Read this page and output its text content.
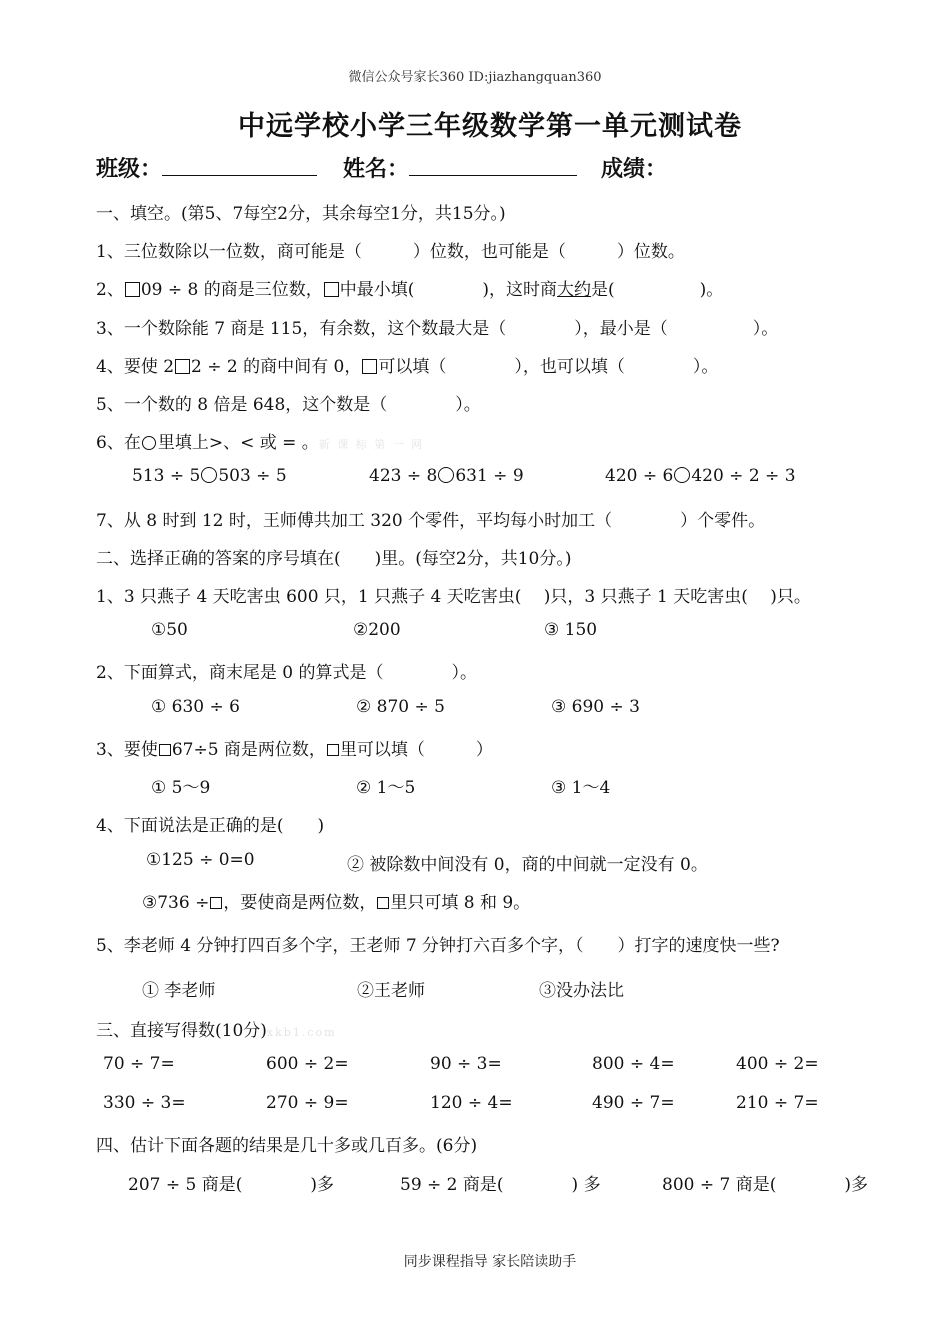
微信公众号家长360 ID:jiazhangquan360
中远学校小学三年级数学第一单元测试卷
班级：	姓名：	成绩：
一、填空。(第5、7每空2分，其余每空1分，共15分。)
1、三位数除以一位数，商可能是（　　　）位数，也可能是（　　　）位数。
2、 09 ÷ 8 的商是三位数， 中最小填(　　　　)，这时商大约是(　　　　　)。
3、一个数除能 7 商是 115，有余数，这个数最大是（　　　　），最小是（　　　　　）。
4、要使 2 2 ÷ 2 的商中间有 0， 可以填（　　　　），也可以填（　　　　）。
5、一个数的 8 倍是 648，这个数是（　　　　）。
6、在 里填上>、< 或 = 。新 课 标 第 一 网
513 ÷ 5 503 ÷ 5	423 ÷ 8 631 ÷ 9	420 ÷ 6 420 ÷ 2 ÷ 3
7、从 8 时到 12 时，王师傅共加工 320 个零件，平均每小时加工（　　　　）个零件。
二、选择正确的答案的序号填在(　　)里。(每空2分，共10分。)
1、3 只燕子 4 天吃害虫 600 只，1 只燕子 4 天吃害虫(　 )只，3 只燕子 1 天吃害虫(　 )只。
①50	②200	③ 150
2、下面算式，商末尾是 0 的算式是（　　　　）。
① 630 ÷ 6	② 870 ÷ 5	③ 690 ÷ 3
3、要使 67÷5 商是两位数， 里可以填（　　　）
① 5～9	② 1～5	③ 1～4
4、下面说法是正确的是(　　)
①125 ÷ 0=0	② 被除数中间没有 0，商的中间就一定没有 0。
③736 ÷ ，要使商是两位数， 里只可填 8 和 9。
5、李老师 4 分钟打四百多个字，王老师 7 分钟打六百多个字，（　　）打字的速度快一些?
① 李老师	②王老师	③没办法比
三、直接写得数(10分)xkb1.com
70 ÷ 7=	600 ÷ 2=	90 ÷ 3=	800 ÷ 4=	400 ÷ 2=
330 ÷ 3=	270 ÷ 9=	120 ÷ 4=	490 ÷ 7=	210 ÷ 7=
四、估计下面各题的结果是几十多或几百多。(6分)
207 ÷ 5 商是(　　　　)多	59 ÷ 2 商是(　　　　) 多	800 ÷ 7 商是(　　　　)多
同步课程指导 家长陪读助手
